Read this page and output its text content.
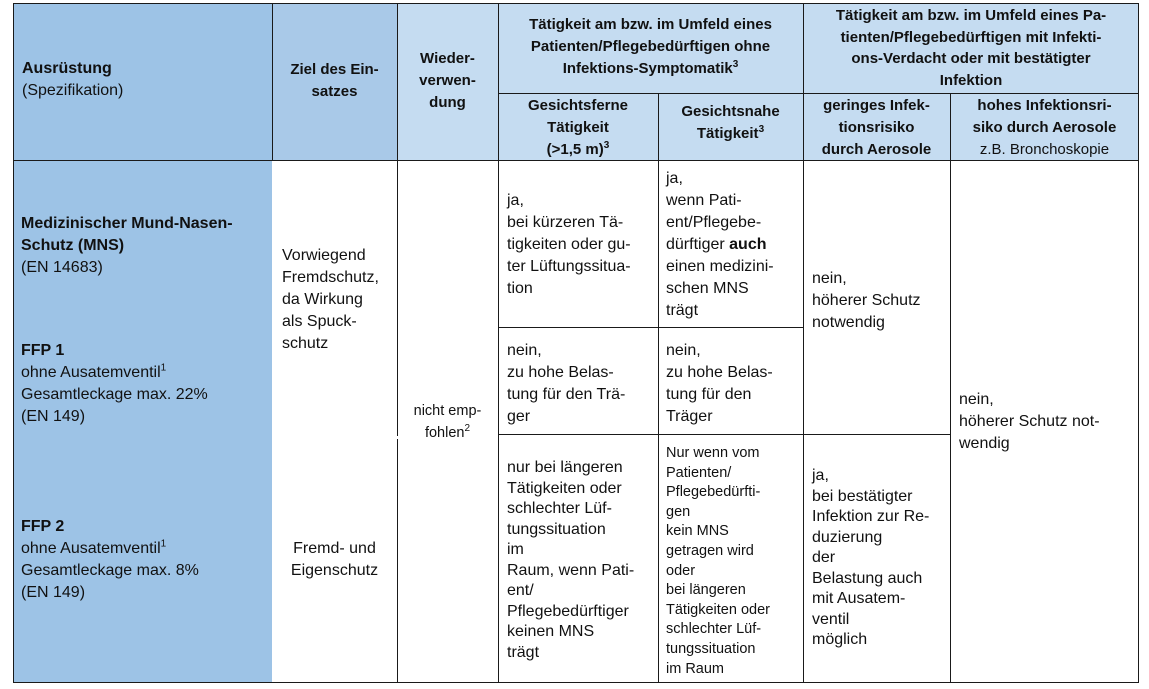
Ausrüstung
(Spezifikation)
Ziel des Ein-
satzes
Wieder-
verwen-
dung
Tätigkeit am bzw. im Umfeld eines
Patienten/Pflegebedürftigen ohne
Infektions-Symptomatik$^3$
Tätigkeit am bzw. im Umfeld eines Pa-
tienten/Pflegebedürftigen mit Infekti-
ons-Verdacht oder mit bestätigter
Infektion
Gesichtsferne
Tätigkeit
(>1,5 m)$^3$
Gesichtsnahe
Tätigkeit$^3$
geringes Infek-
tionsrisiko
durch Aerosole
hohes Infektionsri-
siko durch Aerosole
z.B. Bronchoskopie
Medizinischer Mund-Nasen-
Schutz (MNS)
(EN 14683)
FFP 1
ohne Ausatemventil$^1$
Gesamtleckage max. 22%
(EN 149)
FFP 2
ohne Ausatemventil$^1$
Gesamtleckage max. 8%
(EN 149)
Vorwiegend
Fremdschutz,
da Wirkung
als Spuck-
schutz
Fremd- und
Eigenschutz
nicht emp-
fohlen$^2$
ja,
bei kürzeren Tä-
tigkeiten oder gu-
ter Lüftungssitua-
tion
ja,
wenn Pati-
ent/Pflegebe-
dürftiger auch
einen medizini-
schen MNS
trägt
nein,
zu hohe Belas-
tung für den Trä-
ger
nein,
zu hohe Belas-
tung für den
Träger
nein,
höherer Schutz
notwendig
nein,
höherer Schutz not-
wendig
nur bei längeren
Tätigkeiten oder
schlechter Lüf-
tungssituation
im
Raum, wenn Pati-
ent/
Pflegebedürftiger
keinen MNS
trägt
Nur wenn vom
Patienten/
Pflegebedürfti-
gen
kein MNS
getragen wird
oder
bei längeren
Tätigkeiten oder
schlechter Lüf-
tungssituation
im Raum
ja,
bei bestätigter
Infektion zur Re-
duzierung
der
Belastung auch
mit Ausatem-
ventil
möglich
